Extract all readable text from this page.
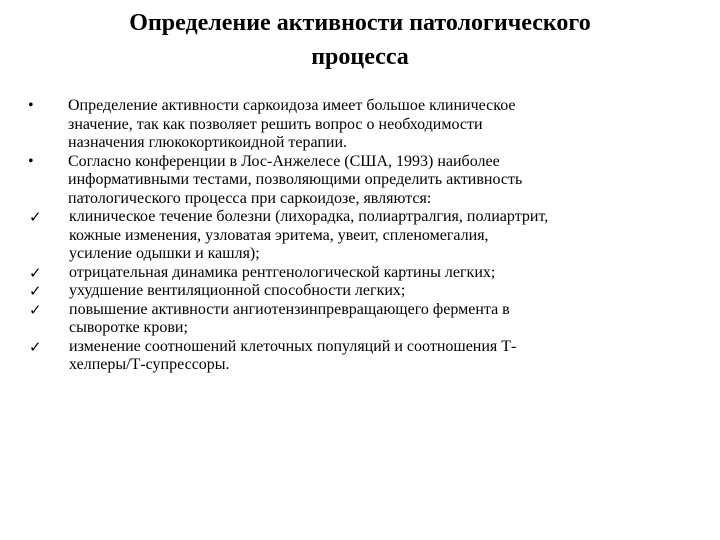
Определение активности патологического
процесса
•	Определение активности саркоидоза имеет большое клиническое
значение, так как позволяет решить вопрос о необходимости
назначения глюкокортикоидной терапии.
•	Согласно конференции в Лос-Анжелесе (США, 1993) наиболее
информативными тестами, позволяющими определить активность
патологического процесса при саркоидозе, являются:
✓	клиническое течение болезни (лихорадка, полиартралгия, полиартрит,
кожные изменения, узловатая эритема, увеит, спленомегалия,
усиление одышки и кашля);
✓	отрицательная динамика рентгенологической картины легких;
✓	ухудшение вентиляционной способности легких;
✓	повышение активности ангиотензинпревращающего фермента в
сыворотке крови;
✓	изменение соотношений клеточных популяций и соотношения Т-
хелперы/Т-супрессоры.
